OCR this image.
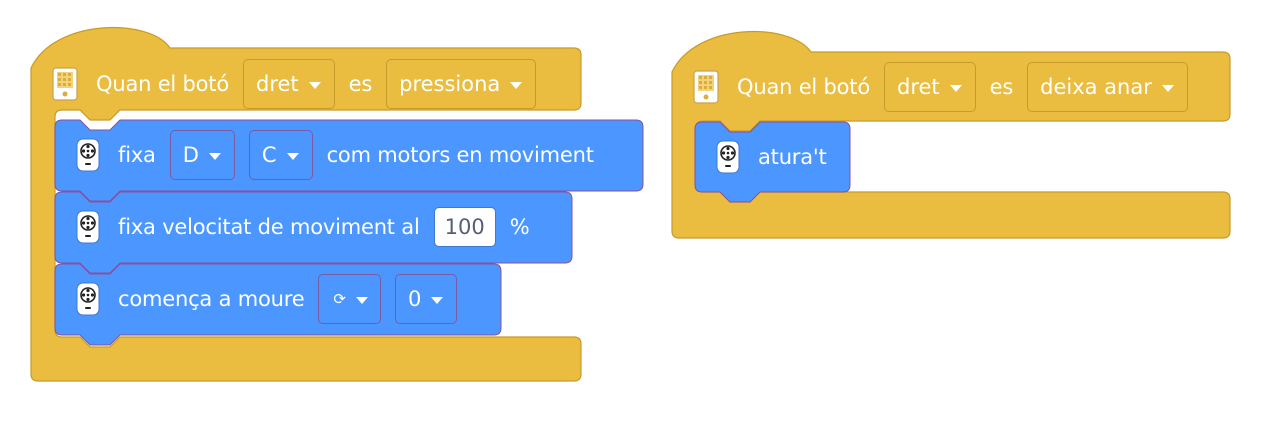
Quan el botó dret es pressiona
fixa D	C com motors en moviment
fixa velocitat de moviment al	100	%
comença a moure ⟳	0
Quan el botó dret es deixa anar
atura't
